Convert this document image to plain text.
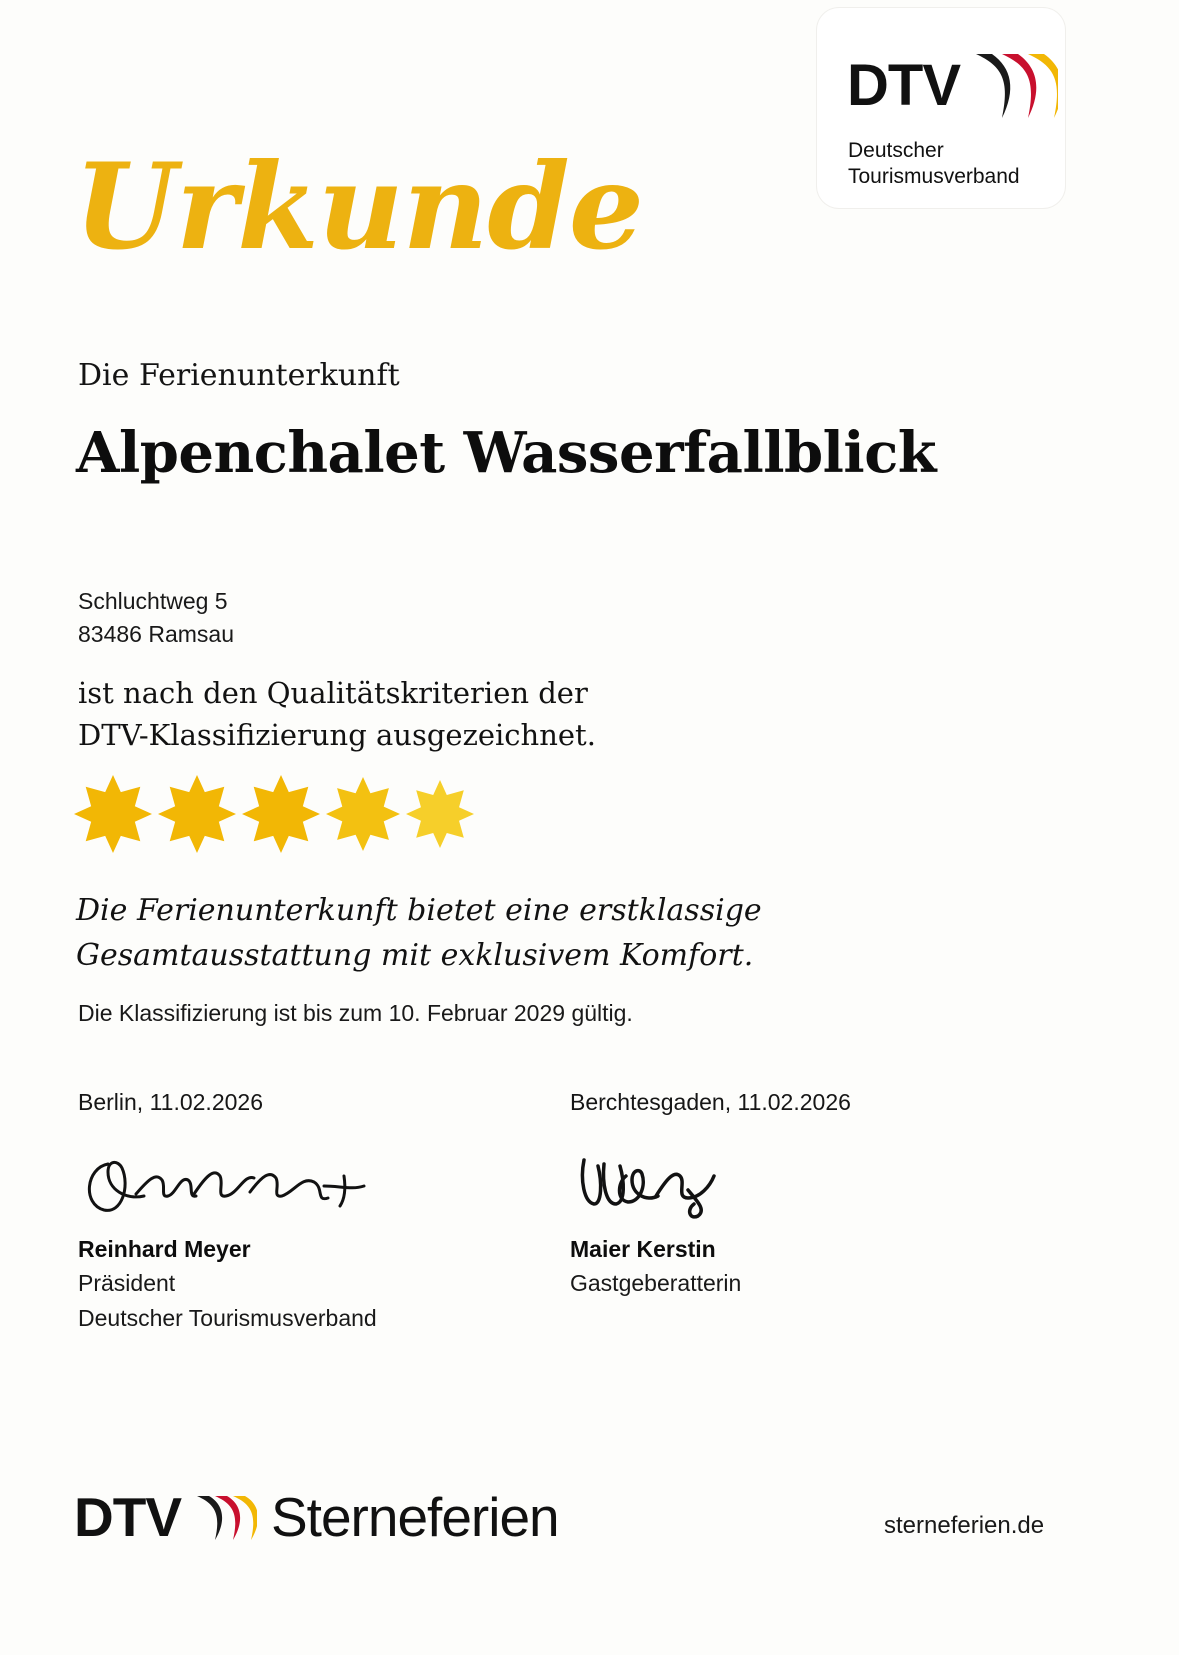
DTV
Deutscher
Tourismusverband
Urkunde
Die Ferienunterkunft
Alpenchalet Wasserfallblick
Schluchtweg 5
83486 Ramsau
ist nach den Qualitätskriterien der
DTV-Klassifizierung ausgezeichnet.
Die Ferienunterkunft bietet eine erstklassige
Gesamtausstattung mit exklusivem Komfort.
Die Klassifizierung ist bis zum 10. Februar 2029 gültig.
Berlin, 11.02.2026
Reinhard Meyer
Präsident
Deutscher Tourismusverband
Berchtesgaden, 11.02.2026
Maier Kerstin
Gastgeberatterin
DTV Sterneferien	sterneferien.de
